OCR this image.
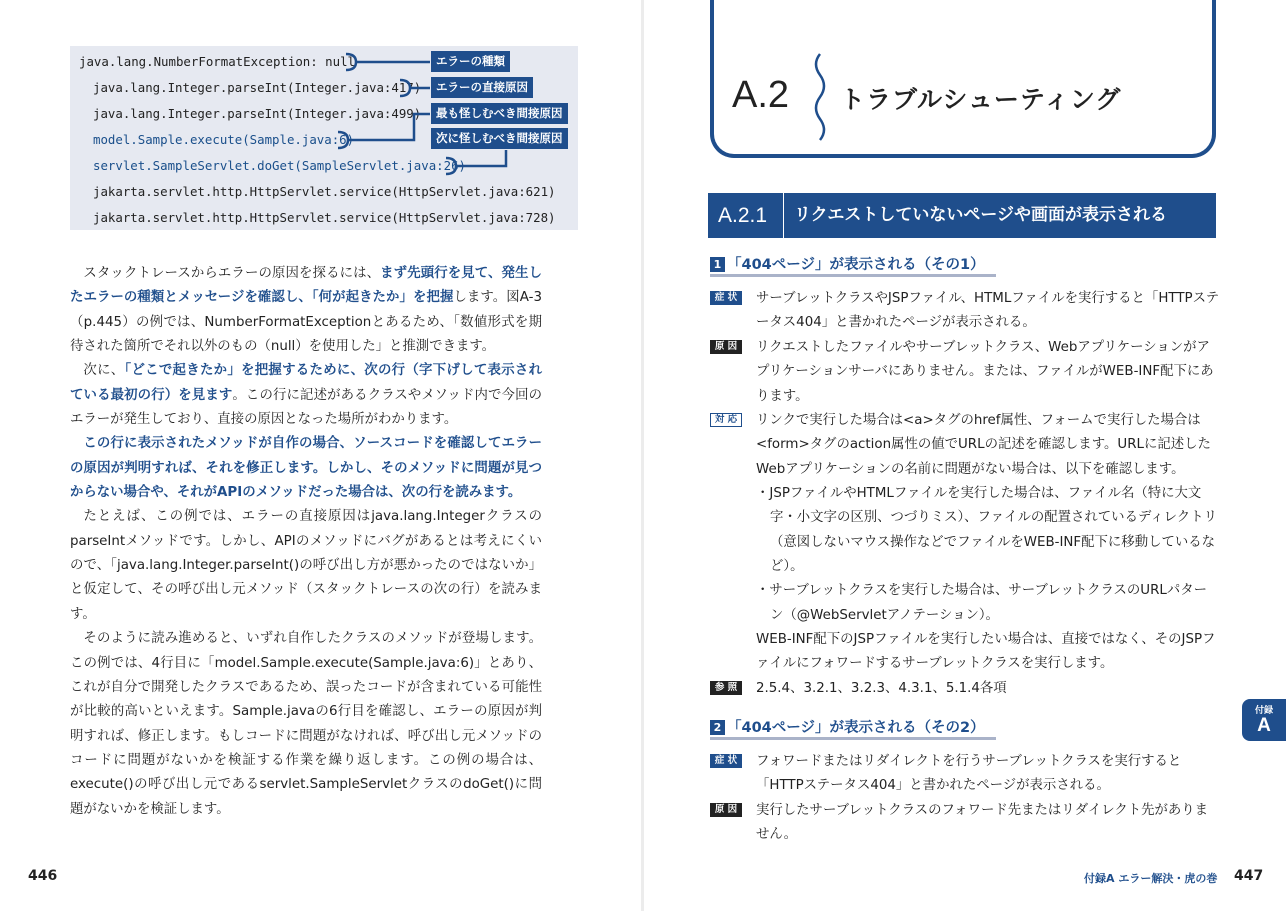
java.lang.NumberFormatException: null
java.lang.Integer.parseInt(Integer.java:417)
java.lang.Integer.parseInt(Integer.java:499)
model.Sample.execute(Sample.java:6)
servlet.SampleServlet.doGet(SampleServlet.java:26)
jakarta.servlet.http.HttpServlet.service(HttpServlet.java:621)
jakarta.servlet.http.HttpServlet.service(HttpServlet.java:728)
エラーの種類
エラーの直接原因
最も怪しむべき間接原因
次に怪しむべき間接原因

スタックトレースからエラーの原因を探るには、まず先頭行を見て、発生したエラーの種類とメッセージを確認し、「何が起きたか」を把握します。図A-3（p.445）の例では、NumberFormatExceptionとあるため、「数値形式を期待された箇所でそれ以外のもの（null）を使用した」と推測できます。

次に、「どこで起きたか」を把握するために、次の行（字下げして表示されている最初の行）を見ます。この行に記述があるクラスやメソッド内で今回のエラーが発生しており、直接の原因となった場所がわかります。

この行に表示されたメソッドが自作の場合、ソースコードを確認してエラーの原因が判明すれば、それを修正します。しかし、そのメソッドに問題が見つからない場合や、それがAPIのメソッドだった場合は、次の行を読みます。

たとえば、この例では、エラーの直接原因はjava.lang.IntegerクラスのparseIntメソッドです。しかし、APIのメソッドにバグがあるとは考えにくいので、「java.lang.Integer.parseInt()の呼び出し方が悪かったのではないか」と仮定して、その呼び出し元メソッド（スタックトレースの次の行）を読みます。

そのように読み進めると、いずれ自作したクラスのメソッドが登場します。この例では、4行目に「model.Sample.execute(Sample.java:6)」とあり、これが自分で開発したクラスであるため、誤ったコードが含まれている可能性が比較的高いといえます。Sample.javaの6行目を確認し、エラーの原因が判明すれば、修正します。もしコードに問題がなければ、呼び出し元メソッドのコードに問題がないかを検証する作業を繰り返します。この例の場合は、execute()の呼び出し元であるservlet.SampleServletクラスのdoGet()に問題がないかを検証します。

446
A.2 トラブルシューティング
A.2.1	リクエストしていないページや画面が表示される
1 「404ページ」が表示される（その1）
症 状	サーブレットクラスやJSPファイル、HTMLファイルを実行すると「HTTPステータス404」と書かれたページが表示される。
原 因	リクエストしたファイルやサーブレットクラス、Webアプリケーションがアプリケーションサーバにありません。または、ファイルがWEB-INF配下にあります。
対 応	リンクで実行した場合は<a>タグのhref属性、フォームで実行した場合は<form>タグのaction属性の値でURLの記述を確認します。URLに記述したWebアプリケーションの名前に問題がない場合は、以下を確認します。
・JSPファイルやHTMLファイルを実行した場合は、ファイル名（特に大文字・小文字の区別、つづりミス）、ファイルの配置されているディレクトリ（意図しないマウス操作などでファイルをWEB-INF配下に移動しているなど）。
・サーブレットクラスを実行した場合は、サーブレットクラスのURLパターン（@WebServletアノテーション）。
WEB-INF配下のJSPファイルを実行したい場合は、直接ではなく、そのJSPファイルにフォワードするサーブレットクラスを実行します。
参 照	2.5.4、3.2.1、3.2.3、4.3.1、5.1.4各項
2 「404ページ」が表示される（その2）
症 状	フォワードまたはリダイレクトを行うサーブレットクラスを実行すると「HTTPステータス404」と書かれたページが表示される。
原 因	実行したサーブレットクラスのフォワード先またはリダイレクト先がありません。
付録
A
付録A エラー解決・虎の巻 447
